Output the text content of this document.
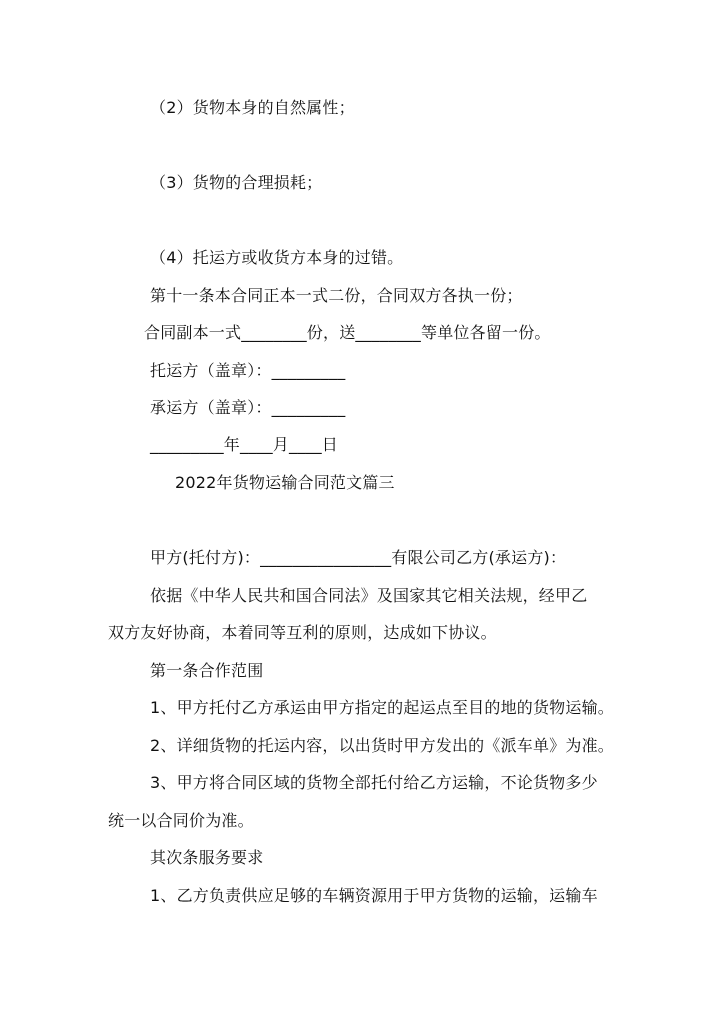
（2）货物本身的自然属性；
（3）货物的合理损耗；
（4）托运方或收货方本身的过错。
第十一条本合同正本一式二份，合同双方各执一份；
合同副本一式________份，送________等单位各留一份。
托运方（盖章）：_________
承运方（盖章）：_________
_________年____月____日
2022年货物运输合同范文篇三
甲方(托付方)：________________有限公司乙方(承运方)：
依据《中华人民共和国合同法》及国家其它相关法规，经甲乙
双方友好协商，本着同等互利的原则，达成如下协议。
第一条合作范围
1、甲方托付乙方承运由甲方指定的起运点至目的地的货物运输。
2、详细货物的托运内容，以出货时甲方发出的《派车单》为准。
3、甲方将合同区域的货物全部托付给乙方运输，不论货物多少
统一以合同价为准。
其次条服务要求
1、乙方负责供应足够的车辆资源用于甲方货物的运输，运输车
